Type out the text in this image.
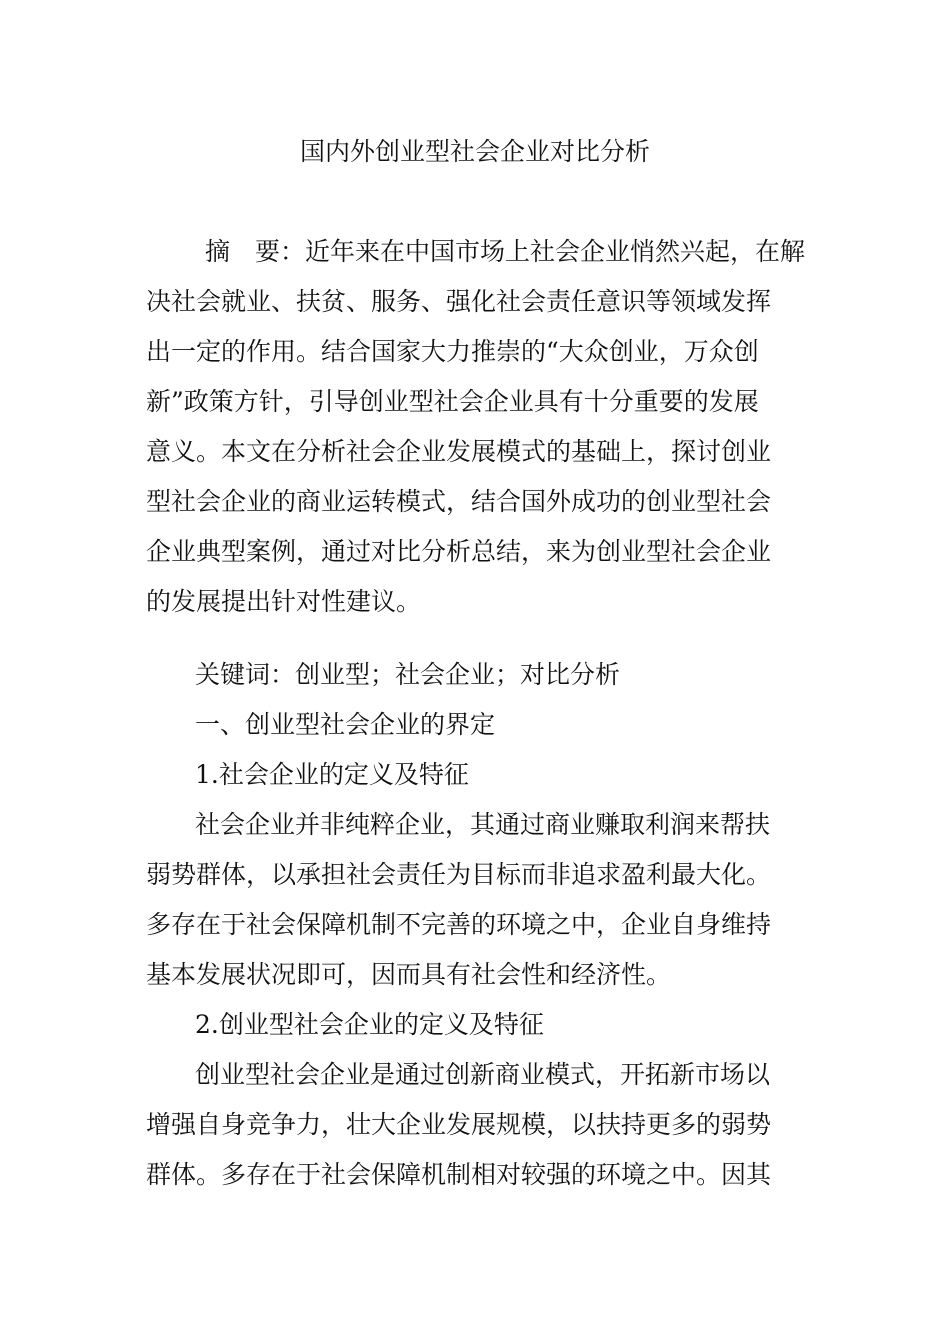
国内外创业型社会企业对比分析
摘　要：近年来在中国市场上社会企业悄然兴起，在解
决社会就业、扶贫、服务、强化社会责任意识等领域发挥
出一定的作用。结合国家大力推崇的“大众创业，万众创
新”政策方针，引导创业型社会企业具有十分重要的发展
意义。本文在分析社会企业发展模式的基础上，探讨创业
型社会企业的商业运转模式，结合国外成功的创业型社会
企业典型案例，通过对比分析总结，来为创业型社会企业
的发展提出针对性建议。
关键词：创业型；社会企业；对比分析
一、创业型社会企业的界定
1.社会企业的定义及特征
社会企业并非纯粹企业，其通过商业赚取利润来帮扶
弱势群体，以承担社会责任为目标而非追求盈利最大化。
多存在于社会保障机制不完善的环境之中，企业自身维持
基本发展状况即可，因而具有社会性和经济性。
2.创业型社会企业的定义及特征
创业型社会企业是通过创新商业模式，开拓新市场以
增强自身竞争力，壮大企业发展规模，以扶持更多的弱势
群体。多存在于社会保障机制相对较强的环境之中。因其
